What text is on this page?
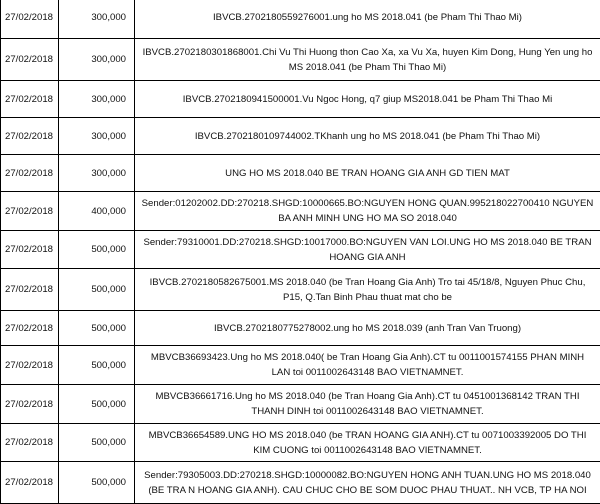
27/02/2018	300,000	IBVCB.2702180559276001.ung ho MS 2018.041 (be Pham Thi Thao Mi)
27/02/2018	300,000	IBVCB.2702180301868001.Chi Vu Thi Huong thon Cao Xa, xa Vu Xa, huyen Kim Dong, Hung Yen ung ho MS 2018.041 (be Pham Thi Thao Mi)
27/02/2018	300,000	IBVCB.2702180941500001.Vu Ngoc Hong, q7 giup MS2018.041 be Pham Thi Thao Mi
27/02/2018	300,000	IBVCB.2702180109744002.TKhanh ung ho MS 2018.041 (be Pham Thi Thao Mi)
27/02/2018	300,000	UNG HO MS 2018.040 BE TRAN HOANG GIA ANH GD TIEN MAT
27/02/2018	400,000	Sender:01202002.DD:270218.SHGD:10000665.BO:NGUYEN HONG QUAN.995218022700410 NGUYEN BA ANH MINH UNG HO MA SO 2018.040
27/02/2018	500,000	Sender:79310001.DD:270218.SHGD:10017000.BO:NGUYEN VAN LOI.UNG HO MS 2018.040 BE TRAN HOANG GIA ANH
27/02/2018	500,000	IBVCB.2702180582675001.MS 2018.040 (be Tran Hoang Gia Anh) Tro tai 45/18/8, Nguyen Phuc Chu, P15, Q.Tan Binh Phau thuat mat cho be
27/02/2018	500,000	IBVCB.2702180775278002.ung ho MS 2018.039 (anh Tran Van Truong)
27/02/2018	500,000	MBVCB36693423.Ung ho MS 2018.040( be Tran Hoang Gia Anh).CT tu 0011001574155 PHAN MINH LAN toi 0011002643148 BAO VIETNAMNET.
27/02/2018	500,000	MBVCB36661716.Ung ho MS 2018.040 (be Tran Hoang Gia Anh).CT tu 0451001368142 TRAN THI THANH DINH toi 0011002643148 BAO VIETNAMNET.
27/02/2018	500,000	MBVCB36654589.UNG HO MS 2018.040 (be TRAN HOANG GIA ANH).CT tu 0071003392005 DO THI KIM CUONG toi 0011002643148 BAO VIETNAMNET.
27/02/2018	500,000	Sender:79305003.DD:270218.SHGD:10000082.BO:NGUYEN HONG ANH TUAN.UNG HO MS 2018.040 (BE TRA N HOANG GIA ANH). CAU CHUC CHO BE SOM DUOC PHAU THUAT.. NH VCB, TP HA NOI
